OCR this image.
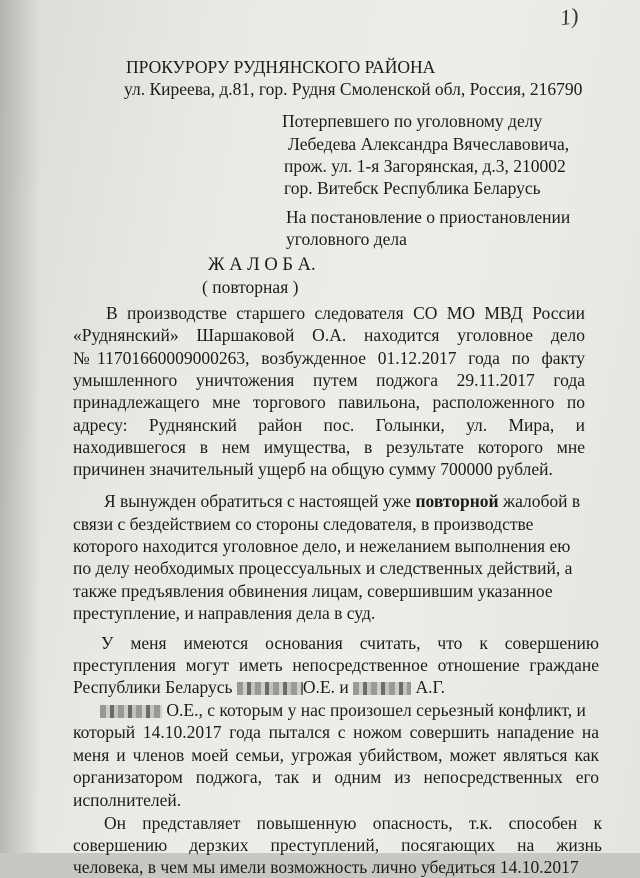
1)
ПРОКУРОРУ РУДНЯНСКОГО РАЙОНА
ул. Киреева, д.81, гор. Рудня Смоленской обл, Россия, 216790
Потерпевшего по уголовному делу
Лебедева Александра Вячеславовича,
прож. ул. 1-я Загорянская, д.3, 210002
гор. Витебск Республика Беларусь
На постановление о приостановлении
уголовного дела
Ж А Л О Б А.
( повторная )
В производстве старшего следователя СО МО МВД России
«Руднянский» Шаршаковой О.А. находится уголовное дело
№11701660009000263, возбужденное 01.12.2017 года по факту
умышленного уничтожения путем поджога 29.11.2017 года
принадлежащего мне торгового павильона, расположенного по
адресу: Руднянский район пос. Голынки, ул. Мира, и
находившегося в нем имущества, в результате которого мне
причинен значительный ущерб на общую сумму 700000 рублей.
Я вынужден обратиться с настоящей уже повторной жалобой в
связи с бездействием со стороны следователя, в производстве
которого находится уголовное дело, и нежеланием выполнения ею
по делу необходимых процессуальных и следственных действий, а
также предъявления обвинения лицам, совершившим указанное
преступление, и направления дела в суд.
У меня имеются основания считать, что к совершению
преступления могут иметь непосредственное отношение граждане
Республики Беларусь	О.Е. и	А.Г.
О.Е., с которым у нас произошел серьезный конфликт, и
который 14.10.2017 года пытался с ножом совершить нападение на
меня и членов моей семьи, угрожая убийством, может являться как
организатором поджога, так и одним из непосредственных его
исполнителей.
Он представляет повышенную опасность, т.к. способен к
совершению дерзких преступлений, посягающих на жизнь
человека, в чем мы имели возможность лично убедиться 14.10.2017
